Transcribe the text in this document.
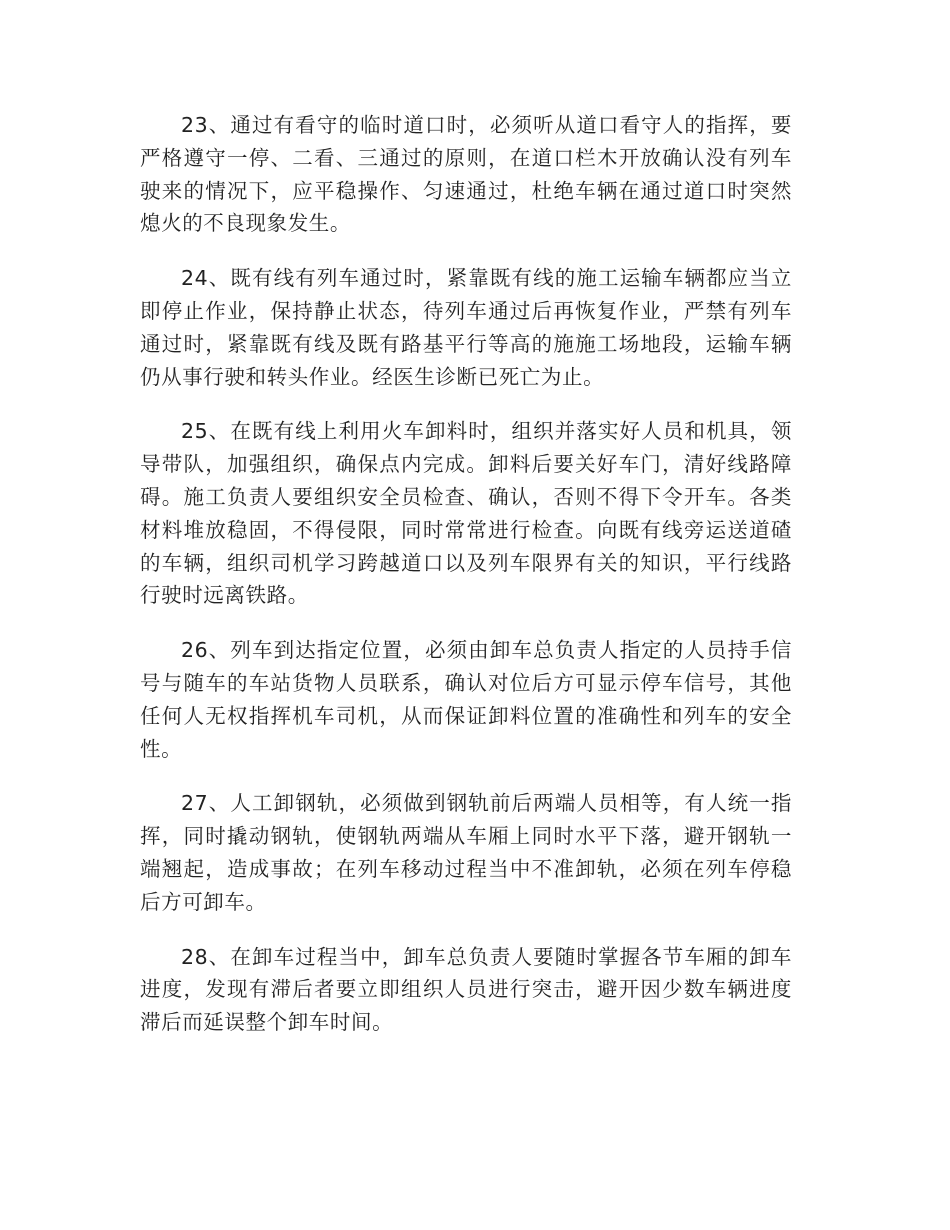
23、通过有看守的临时道口时，必须听从道口看守人的指挥，要严格遵守一停、二看、三通过的原则，在道口栏木开放确认没有列车驶来的情况下，应平稳操作、匀速通过，杜绝车辆在通过道口时突然熄火的不良现象发生。

24、既有线有列车通过时，紧靠既有线的施工运输车辆都应当立即停止作业，保持静止状态，待列车通过后再恢复作业，严禁有列车通过时，紧靠既有线及既有路基平行等高的施施工场地段，运输车辆仍从事行驶和转头作业。经医生诊断已死亡为止。

25、在既有线上利用火车卸料时，组织并落实好人员和机具，领导带队，加强组织，确保点内完成。卸料后要关好车门，清好线路障碍。施工负责人要组织安全员检查、确认，否则不得下令开车。各类材料堆放稳固，不得侵限，同时常常进行检查。向既有线旁运送道碴的车辆，组织司机学习跨越道口以及列车限界有关的知识，平行线路行驶时远离铁路。

26、列车到达指定位置，必须由卸车总负责人指定的人员持手信号与随车的车站货物人员联系，确认对位后方可显示停车信号，其他任何人无权指挥机车司机，从而保证卸料位置的准确性和列车的安全性。

27、人工卸钢轨，必须做到钢轨前后两端人员相等，有人统一指挥，同时撬动钢轨，使钢轨两端从车厢上同时水平下落，避开钢轨一端翘起，造成事故；在列车移动过程当中不准卸轨，必须在列车停稳后方可卸车。

28、在卸车过程当中，卸车总负责人要随时掌握各节车厢的卸车进度，发现有滞后者要立即组织人员进行突击，避开因少数车辆进度滞后而延误整个卸车时间。
